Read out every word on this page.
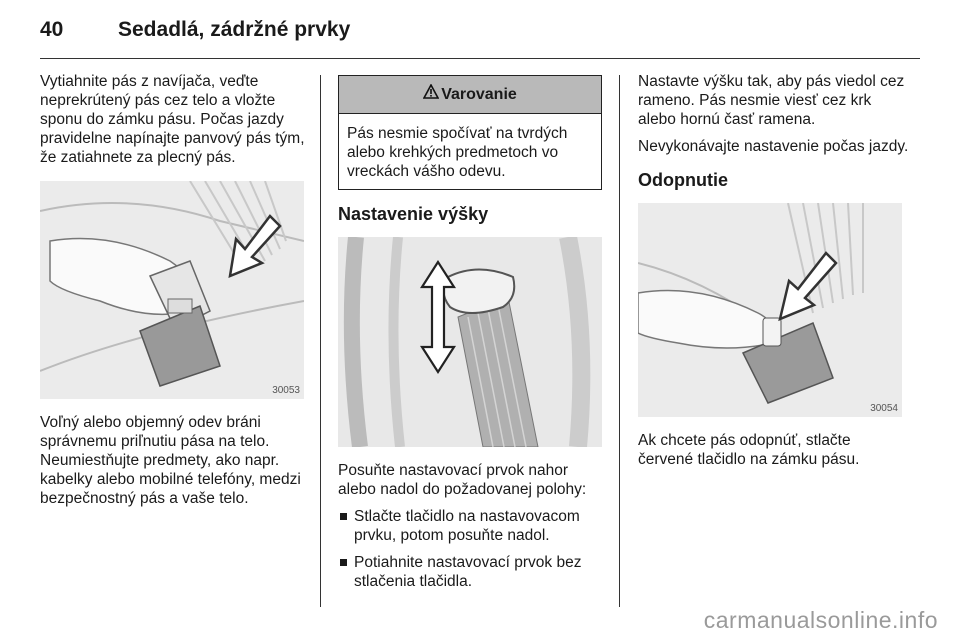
40	Sedadlá, zádržné prvky

Vytiahnite pás z navíjača, veďte neprekrútený pás cez telo a vložte sponu do zámku pásu. Počas jazdy pravidelne napínajte panvový pás tým, že zatiahnete za plecný pás.

30053

Voľný alebo objemný odev bráni správnemu priľnutiu pása na telo. Neumiestňujte predmety, ako napr. kabelky alebo mobilné telefóny, medzi bezpečnostný pás a vaše telo.

Varovanie
Pás nesmie spočívať na tvrdých alebo krehkých predmetoch vo vreckách vášho odevu.
Nastavenie výšky

Posuňte nastavovací prvok nahor alebo nadol do požadovanej polohy:

Stlačte tlačidlo na nastavovacom prvku, potom posuňte nadol.
Potiahnite nastavovací prvok bez stlačenia tlačidla.

Nastavte výšku tak, aby pás viedol cez rameno. Pás nesmie viesť cez krk alebo hornú časť ramena.

Nevykonávajte nastavenie počas jazdy.

Odopnutie
30054

Ak chcete pás odopnúť, stlačte červené tlačidlo na zámku pásu.

carmanualsonline.info
